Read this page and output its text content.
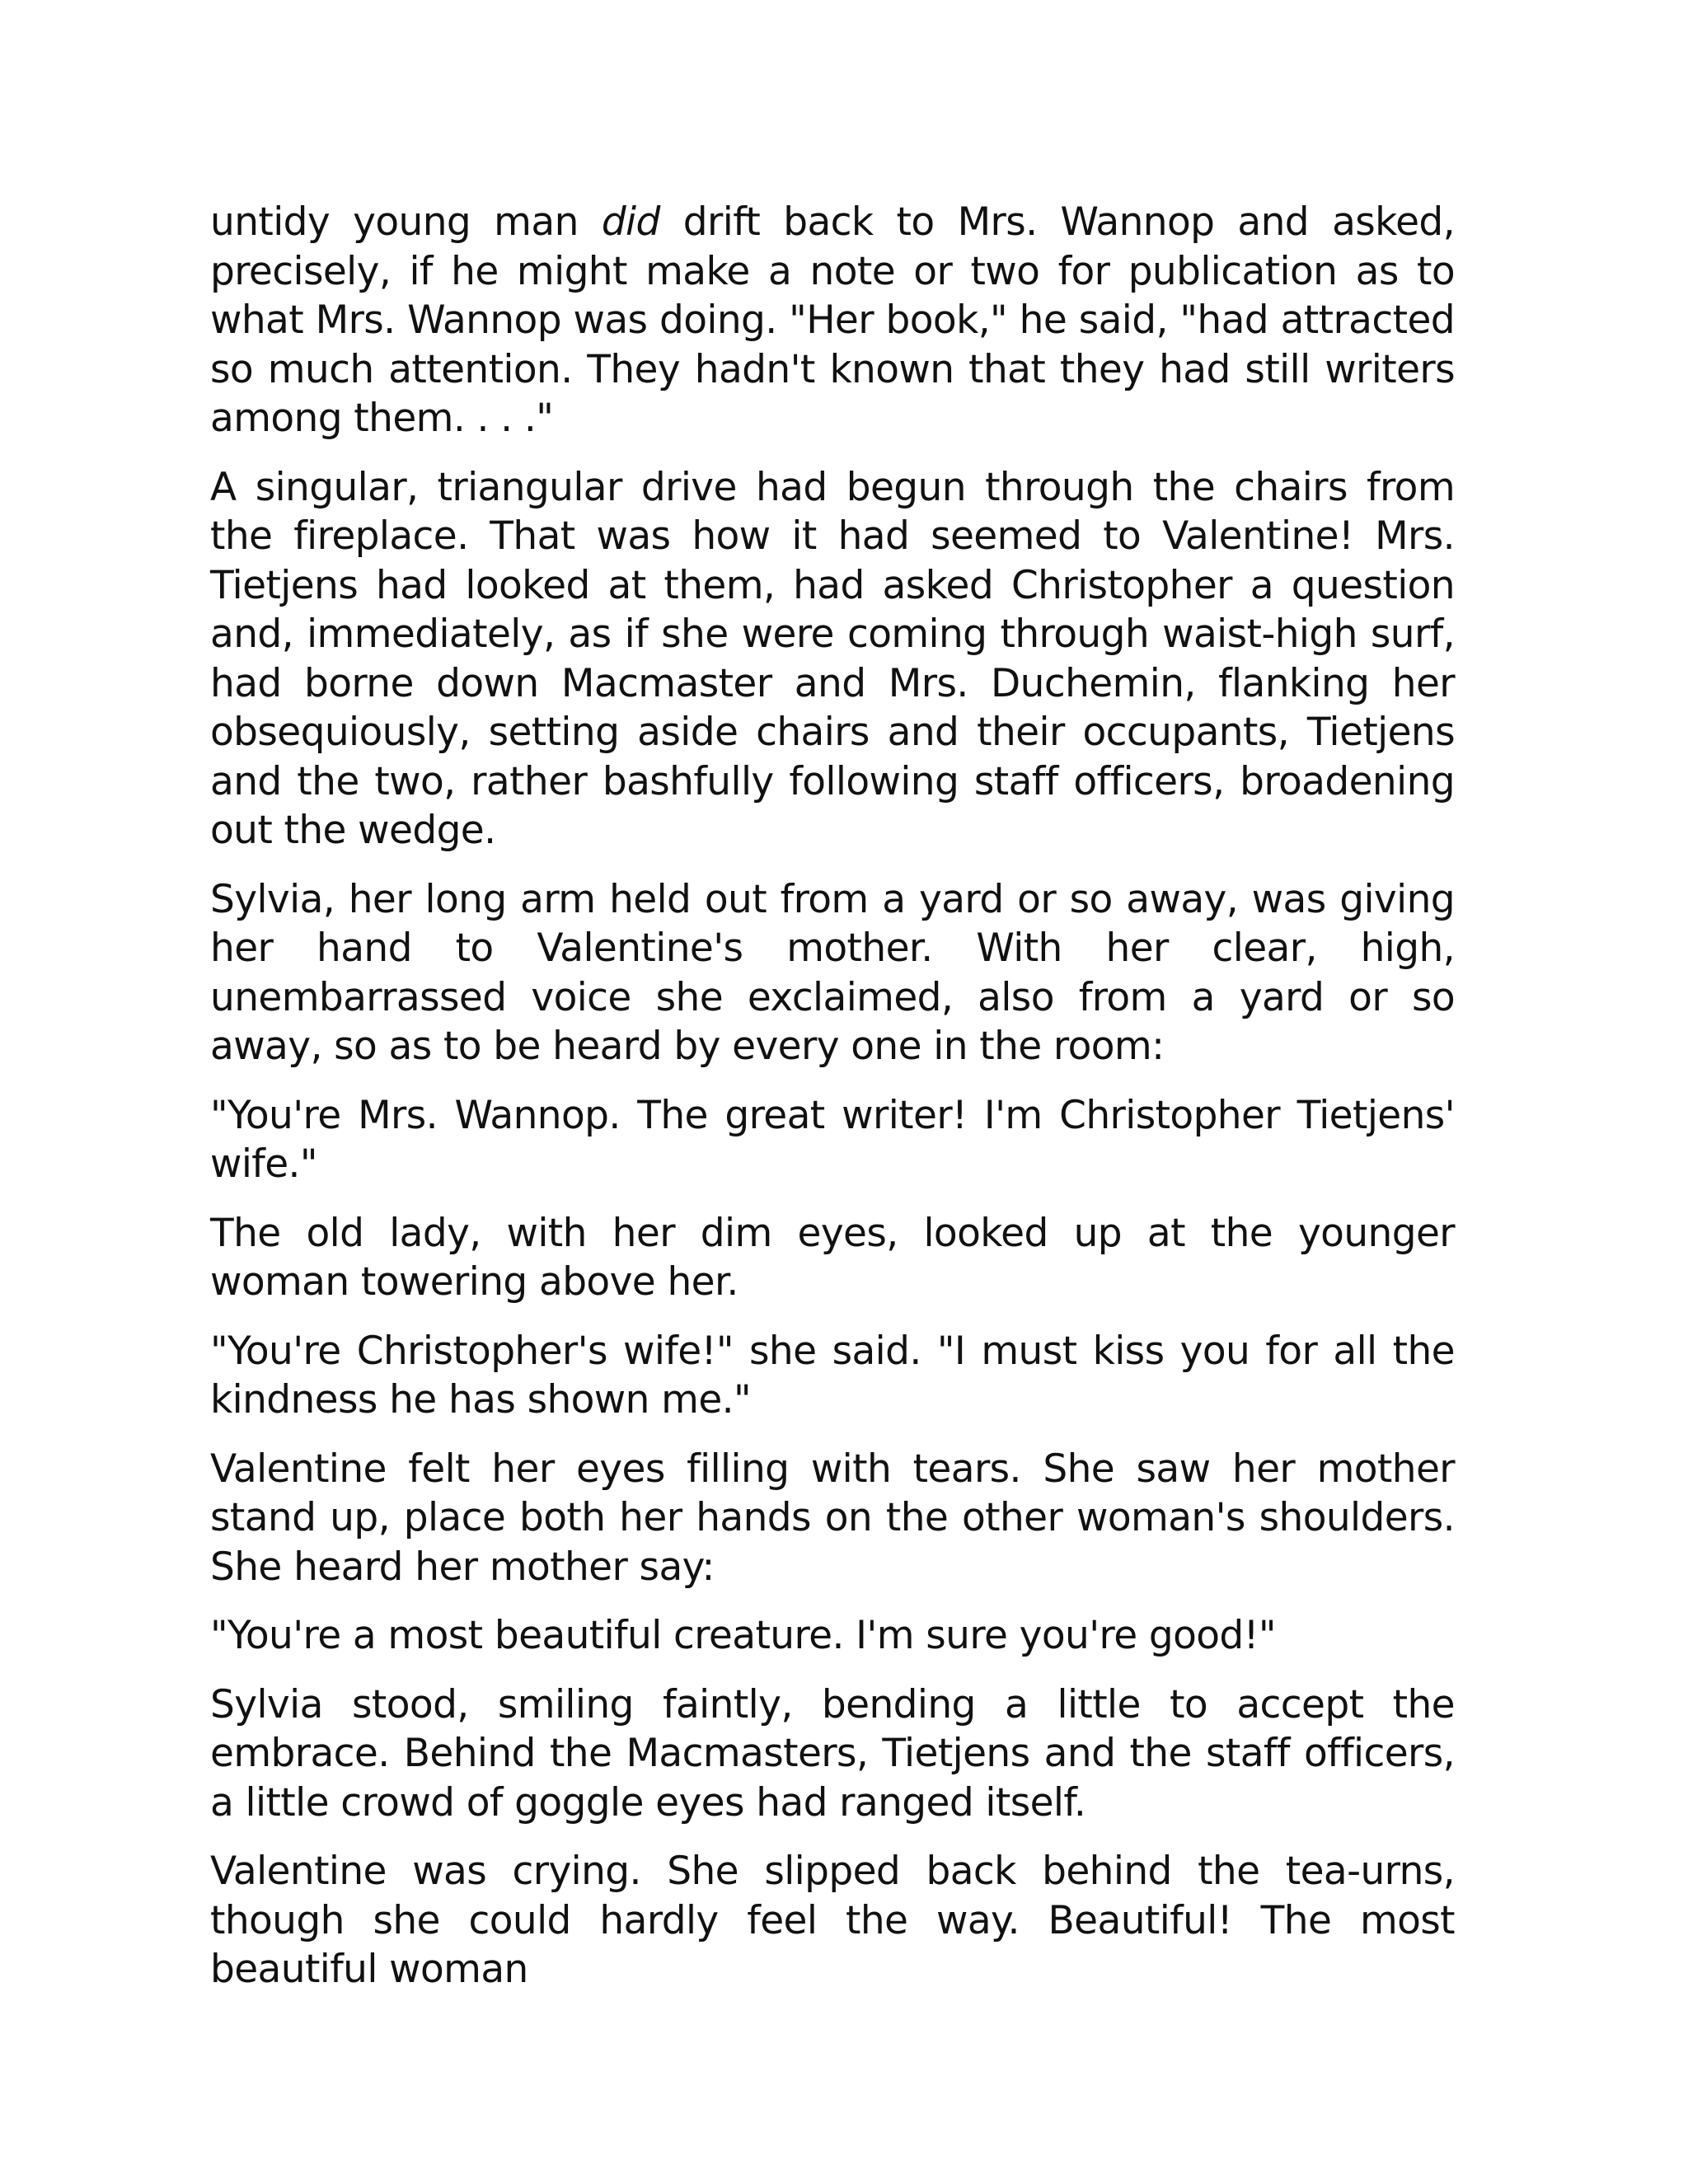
untidy young man did drift back to Mrs. Wannop and asked, precisely, if he might make a note or two for publication as to what Mrs. Wannop was doing. "Her book," he said, "had attracted so much attention. They hadn't known that they had still writers among them. . . ."

A singular, triangular drive had begun through the chairs from the fireplace. That was how it had seemed to Valentine! Mrs. Tietjens had looked at them, had asked Christopher a question and, immediately, as if she were coming through waist-high surf, had borne down Macmaster and Mrs. Duchemin, flanking her obsequiously, setting aside chairs and their occupants, Tietjens and the two, rather bashfully following staff officers, broadening out the wedge.

Sylvia, her long arm held out from a yard or so away, was giving her hand to Valentine's mother. With her clear, high, unembarrassed voice she exclaimed, also from a yard or so away, so as to be heard by every one in the room:

"You're Mrs. Wannop. The great writer! I'm Christopher Tietjens' wife."

The old lady, with her dim eyes, looked up at the younger woman towering above her.

"You're Christopher's wife!" she said. "I must kiss you for all the kindness he has shown me."

Valentine felt her eyes filling with tears. She saw her mother stand up, place both her hands on the other woman's shoulders. She heard her mother say:

"You're a most beautiful creature. I'm sure you're good!"

Sylvia stood, smiling faintly, bending a little to accept the embrace. Behind the Macmasters, Tietjens and the staff officers, a little crowd of goggle eyes had ranged itself.

Valentine was crying. She slipped back behind the tea-urns, though she could hardly feel the way. Beautiful! The most beautiful woman
